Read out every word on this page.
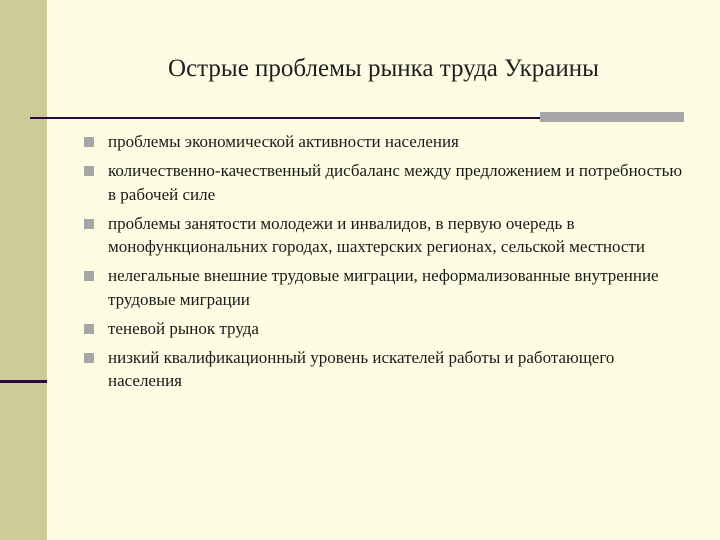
Острые проблемы рынка труда Украины
проблемы экономической активности населения
количественно-качественный дисбаланс между предложением и потребностью в рабочей силе
проблемы занятости молодежи и инвалидов, в первую очередь в монофункциональних городах, шахтерских регионах, сельской местности
нелегальные внешние трудовые миграции, неформализованные внутренние трудовые миграции
теневой рынок труда
низкий квалификационный уровень искателей работы и работающего населения
